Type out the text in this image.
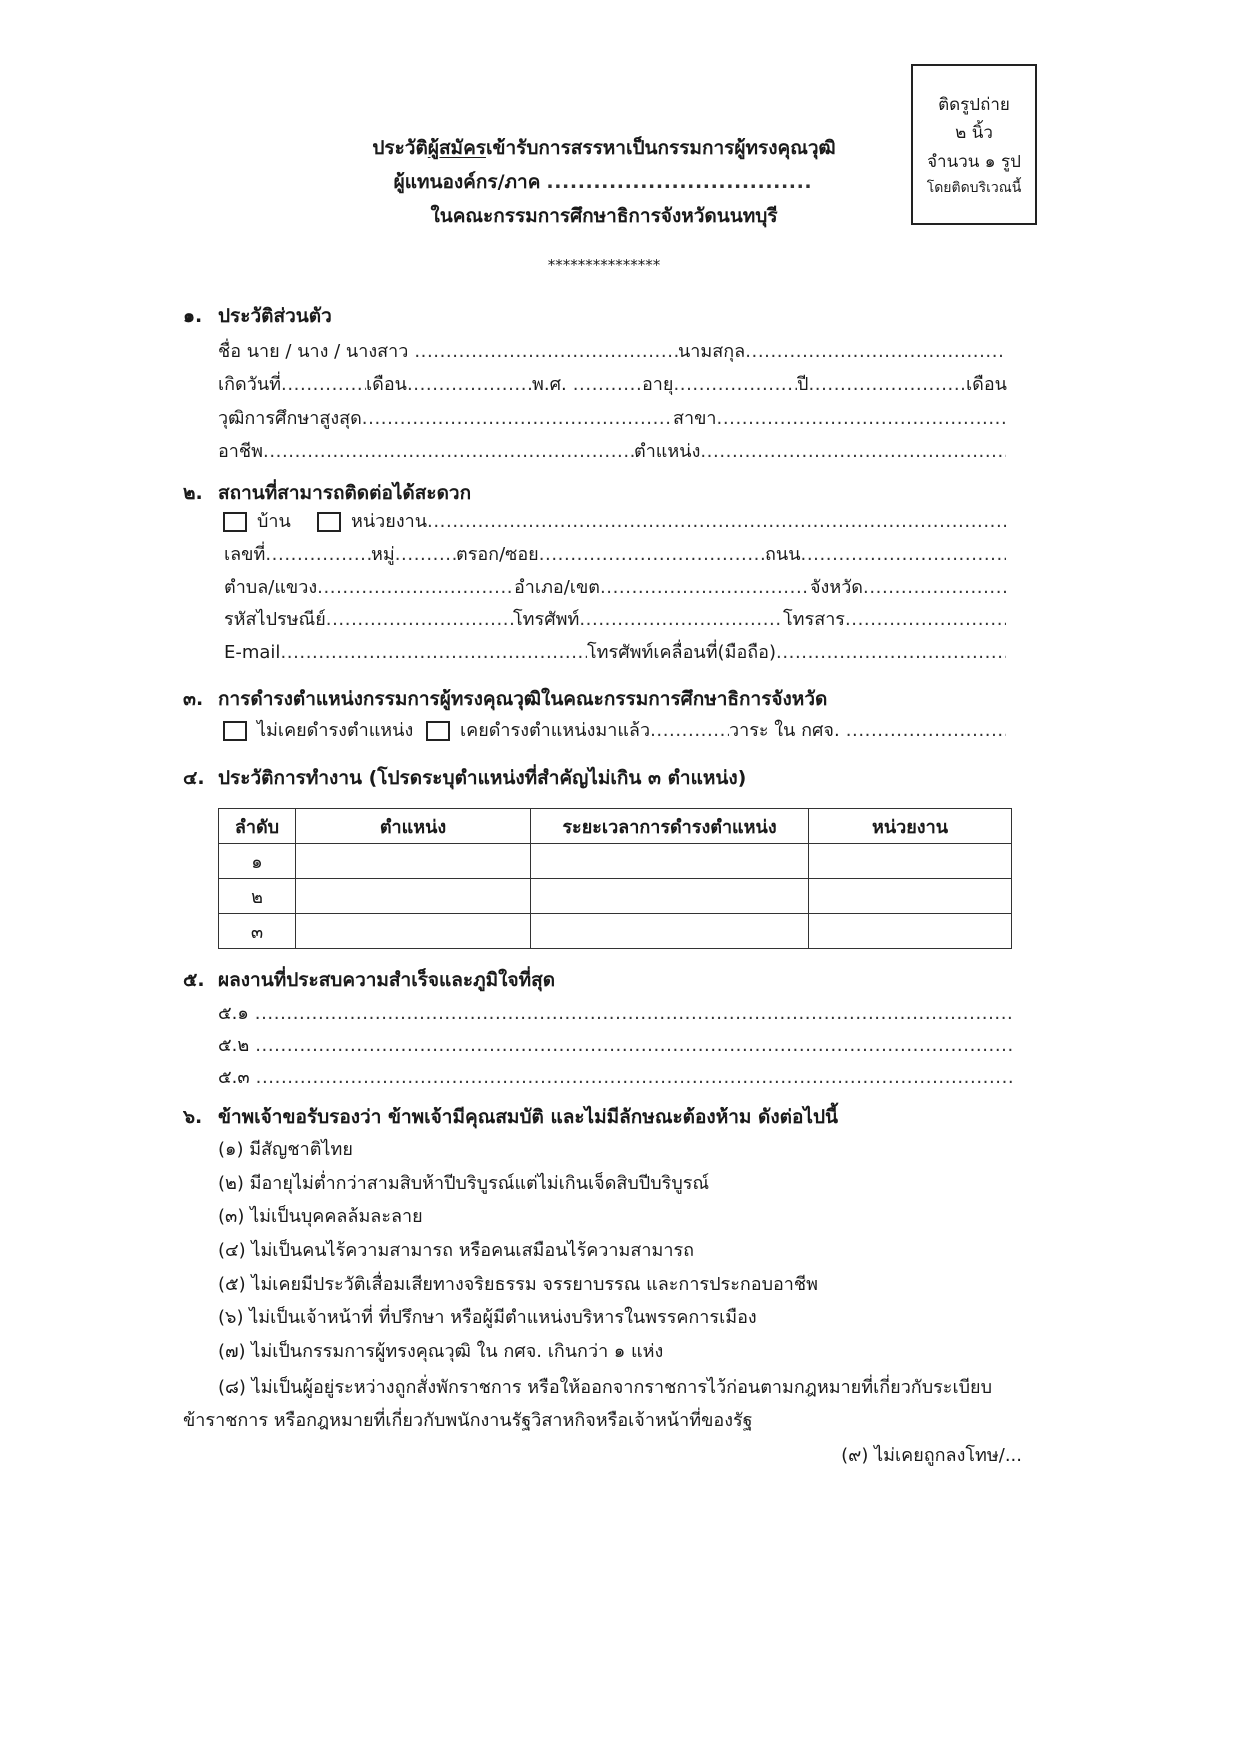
ติดรูปถ่าย
๒ นิ้ว
จำนวน ๑ รูป
โดยติดบริเวณนี้
ประวัติผู้สมัครเข้ารับการสรรหาเป็นกรรมการผู้ทรงคุณวุฒิ
ผู้แทนองค์กร/ภาค
.....
ในคณะกรรมการศึกษาธิการจังหวัดนนทบุรี
***************
๑. ประวัติส่วนตัว
ชื่อ นาย / นาง / นางสาว .....	นามสกุล
.....
เกิดวันที่ .....	เดือน .....	พ.ศ. .....	อายุ .....	ปี .....	เดือน
วุฒิการศึกษาสูงสุด .....	สาขา
.....
อาชีพ .....	ตำแหน่ง
.....
๒. สถานที่สามารถติดต่อได้สะดวก
บ้าน	หน่วยงาน
.....
เลขที่ .....	หมู่ .....	ตรอก/ซอย .....	ถนน
.....
ตำบล/แขวง .....	อำเภอ/เขต .....	จังหวัด
.....
รหัสไปรษณีย์ .....	โทรศัพท์ .....	โทรสาร
.....
E-mail .....	โทรศัพท์เคลื่อนที่(มือถือ)
.....
๓. การดำรงตำแหน่งกรรมการผู้ทรงคุณวุฒิในคณะกรรมการศึกษาธิการจังหวัด
ไม่เคยดำรงตำแหน่ง	เคยดำรงตำแหน่งมาแล้ว .....	วาระ ใน กศจ.
.....
๔. ประวัติการทำงาน (โปรดระบุตำแหน่งที่สำคัญไม่เกิน ๓ ตำแหน่ง)
ลำดับ	ตำแหน่ง	ระยะเวลาการดำรงตำแหน่ง	หน่วยงาน
๑			
๒			
๓			
๕. ผลงานที่ประสบความสำเร็จและภูมิใจที่สุด
๕.๑
.....
๕.๒
.....
๕.๓
.....
๖. ข้าพเจ้าขอรับรองว่า ข้าพเจ้ามีคุณสมบัติ และไม่มีลักษณะต้องห้าม ดังต่อไปนี้
(๑) มีสัญชาติไทย
(๒) มีอายุไม่ต่ำกว่าสามสิบห้าปีบริบูรณ์แต่ไม่เกินเจ็ดสิบปีบริบูรณ์
(๓) ไม่เป็นบุคคลล้มละลาย
(๔) ไม่เป็นคนไร้ความสามารถ หรือคนเสมือนไร้ความสามารถ
(๕) ไม่เคยมีประวัติเสื่อมเสียทางจริยธรรม จรรยาบรรณ และการประกอบอาชีพ
(๖) ไม่เป็นเจ้าหน้าที่ ที่ปรึกษา หรือผู้มีตำแหน่งบริหารในพรรคการเมือง
(๗) ไม่เป็นกรรมการผู้ทรงคุณวุฒิ ใน กศจ. เกินกว่า ๑ แห่ง
(๘) ไม่เป็นผู้อยู่ระหว่างถูกสั่งพักราชการ หรือให้ออกจากราชการไว้ก่อนตามกฎหมายที่เกี่ยวกับระเบียบ
ข้าราชการ หรือกฎหมายที่เกี่ยวกับพนักงานรัฐวิสาหกิจหรือเจ้าหน้าที่ของรัฐ
(๙) ไม่เคยถูกลงโทษ/...
